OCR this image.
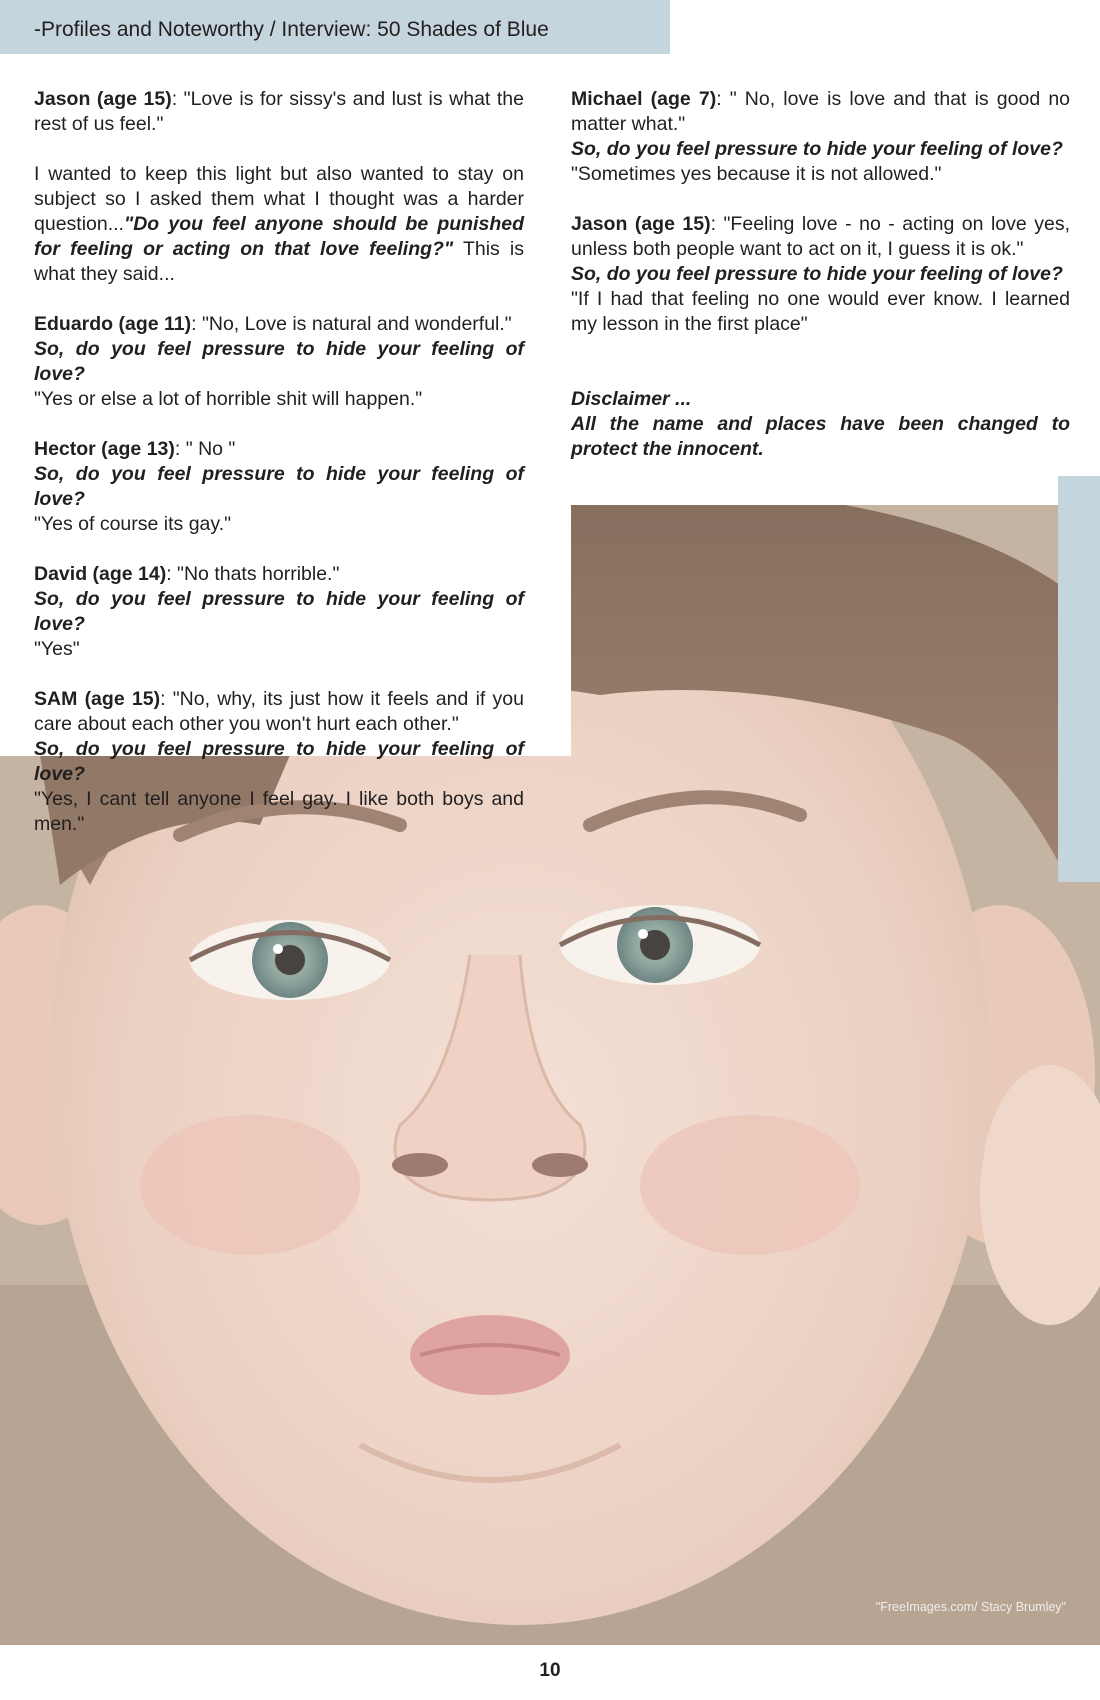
"FreeImages.com/ Stacy Brumley"
-Profiles and Noteworthy / Interview: 50 Shades of Blue

Jason (age 15): "Love is for sissy's and lust is what the rest of us feel."

I wanted to keep this light but also wanted to stay on subject so I asked them what I thought was a harder question..."Do you feel anyone should be punished for feeling or acting on that love feeling?" This is what they said...

Eduardo (age 11): "No, Love is natural and wonderful."
So, do you feel pressure to hide your feeling of love?
"Yes or else a lot of horrible shit will happen."

Hector (age 13): " No "
So, do you feel pressure to hide your feeling of love?
"Yes of course its gay."

David (age 14): "No thats horrible."
So, do you feel pressure to hide your feeling of love?
"Yes"

SAM (age 15): "No, why, its just how it feels and if you care about each other you won't hurt each other."
So, do you feel pressure to hide your feeling of love?
"Yes, I cant tell anyone I feel gay. I like both boys and men."

Michael (age 7): " No, love is love and that is good no matter what."
So, do you feel pressure to hide your feeling of love?
"Sometimes yes because it is not allowed."

Jason (age 15): "Feeling love - no - acting on love yes, unless both people want to act on it, I guess it is ok."
So, do you feel pressure to hide your feeling of love?
"If I had that feeling no one would ever know. I learned my lesson in the first place"

Disclaimer ...
All the name and places have been changed to protect the innocent.

10
